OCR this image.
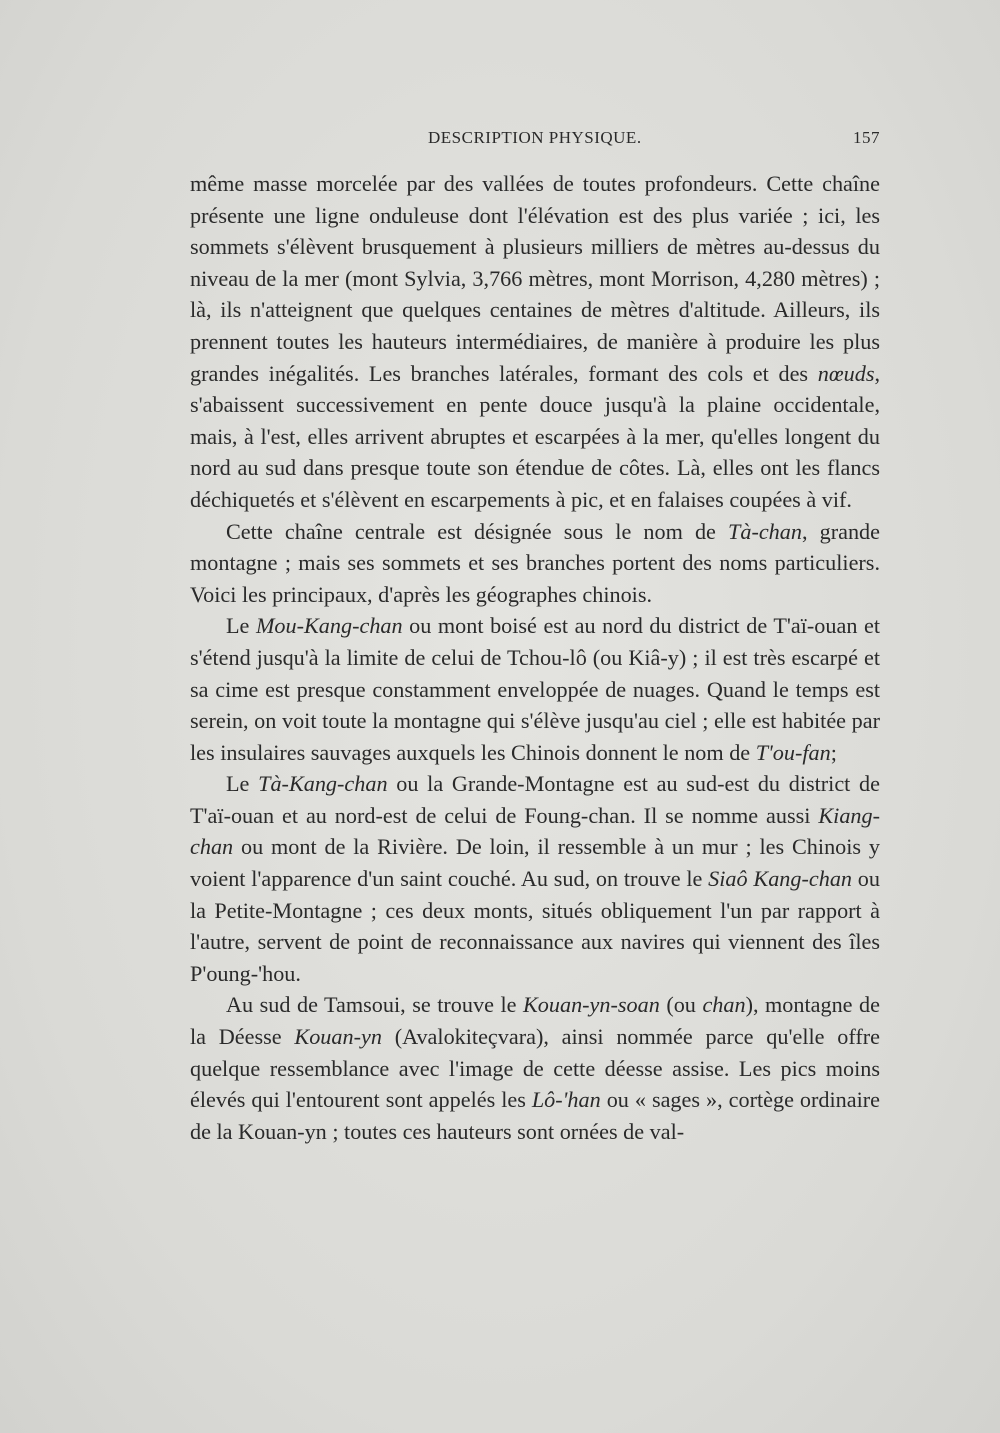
DESCRIPTION PHYSIQUE.	157

même masse morcelée par des vallées de toutes profondeurs. Cette chaîne présente une ligne onduleuse dont l'élévation est des plus variée ; ici, les sommets s'élèvent brusquement à plusieurs milliers de mètres au-dessus du niveau de la mer (mont Sylvia, 3,766 mètres, mont Morrison, 4,280 mètres) ; là, ils n'atteignent que quelques centaines de mètres d'altitude. Ailleurs, ils prennent toutes les hauteurs intermédiaires, de manière à produire les plus grandes inégalités. Les branches latérales, formant des cols et des nœuds, s'abaissent successivement en pente douce jusqu'à la plaine occidentale, mais, à l'est, elles arrivent abruptes et escarpées à la mer, qu'elles longent du nord au sud dans presque toute son étendue de côtes. Là, elles ont les flancs déchiquetés et s'élèvent en escarpements à pic, et en falaises coupées à vif.

Cette chaîne centrale est désignée sous le nom de Tà-chan, grande montagne ; mais ses sommets et ses branches portent des noms particuliers. Voici les principaux, d'après les géographes chinois.

Le Mou-Kang-chan ou mont boisé est au nord du district de T'aï-ouan et s'étend jusqu'à la limite de celui de Tchou-lô (ou Kiâ-y) ; il est très escarpé et sa cime est presque constamment enveloppée de nuages. Quand le temps est serein, on voit toute la montagne qui s'élève jusqu'au ciel ; elle est habitée par les insulaires sauvages auxquels les Chinois donnent le nom de T'ou-fan;

Le Tà-Kang-chan ou la Grande-Montagne est au sud-est du district de T'aï-ouan et au nord-est de celui de Foung-chan. Il se nomme aussi Kiang-chan ou mont de la Rivière. De loin, il ressemble à un mur ; les Chinois y voient l'apparence d'un saint couché. Au sud, on trouve le Siaô Kang-chan ou la Petite-Montagne ; ces deux monts, situés obliquement l'un par rapport à l'autre, servent de point de reconnaissance aux navires qui viennent des îles P'oung-'hou.

Au sud de Tamsoui, se trouve le Kouan-yn-soan (ou chan), montagne de la Déesse Kouan-yn (Avalokiteçvara), ainsi nommée parce qu'elle offre quelque ressemblance avec l'image de cette déesse assise. Les pics moins élevés qui l'entourent sont appelés les Lô-'han ou « sages », cortège ordinaire de la Kouan-yn ; toutes ces hauteurs sont ornées de val-
